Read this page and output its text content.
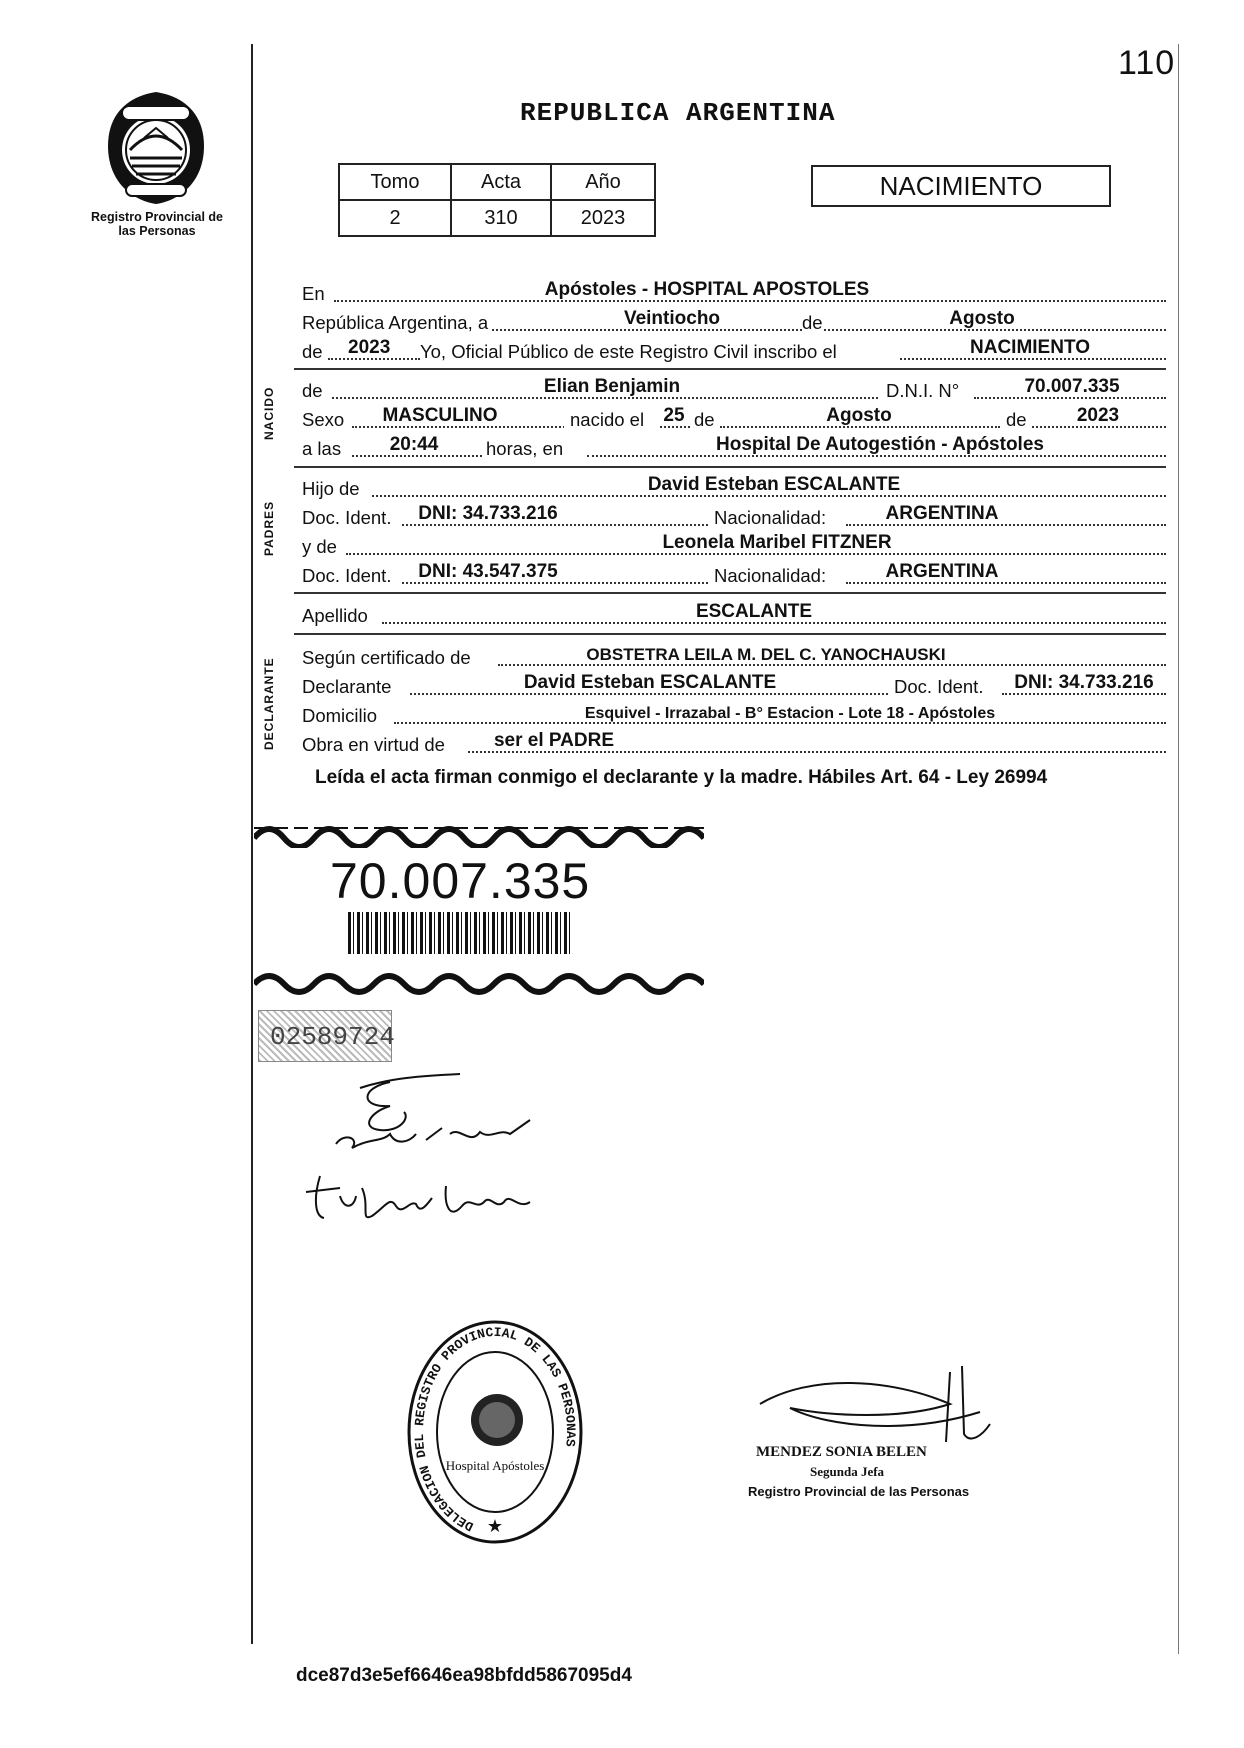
110
Registro Provincial de las Personas
REPUBLICA ARGENTINA
Tomo	Acta	Año
2	310	2023
NACIMIENTO
En	Apóstoles - HOSPITAL APOSTOLES
República Argentina, a	Veintiocho	de	Agosto
de 2023 Yo, Oficial Público de este Registro Civil inscribo el	NACIMIENTO
NACIDO de	Elian Benjamin	D.N.I. N°	70.007.335
Sexo MASCULINO	nacido el 25 de	Agosto	de	2023
a las	20:44	horas, en	Hospital De Autogestión - Apóstoles
PADRES
Hijo de	David Esteban ESCALANTE
Doc. Ident. DNI: 34.733.216	Nacionalidad:	ARGENTINA
y de	Leonela Maribel FITZNER
Doc. Ident. DNI: 43.547.375	Nacionalidad:	ARGENTINA
Apellido	ESCALANTE
DECLARANTE Según certificado de	OBSTETRA LEILA M. DEL C. YANOCHAUSKI
Declarante	David Esteban ESCALANTE	Doc. Ident. DNI: 34.733.216
Domicilio	Esquivel - Irrazabal - B° Estacion - Lote 18 - Apóstoles
Obra en virtud de	ser el PADRE
Leída el acta firman conmigo el declarante y la madre. Hábiles Art. 64 - Ley 26994
70.007.335
02589724
DELEGACION DEL REGISTRO PROVINCIAL DE LAS PERSONAS
Hospital Apóstoles
★
MENDEZ SONIA BELEN
Segunda Jefa
Registro Provincial de las Personas
dce87d3e5ef6646ea98bfdd5867095d4
